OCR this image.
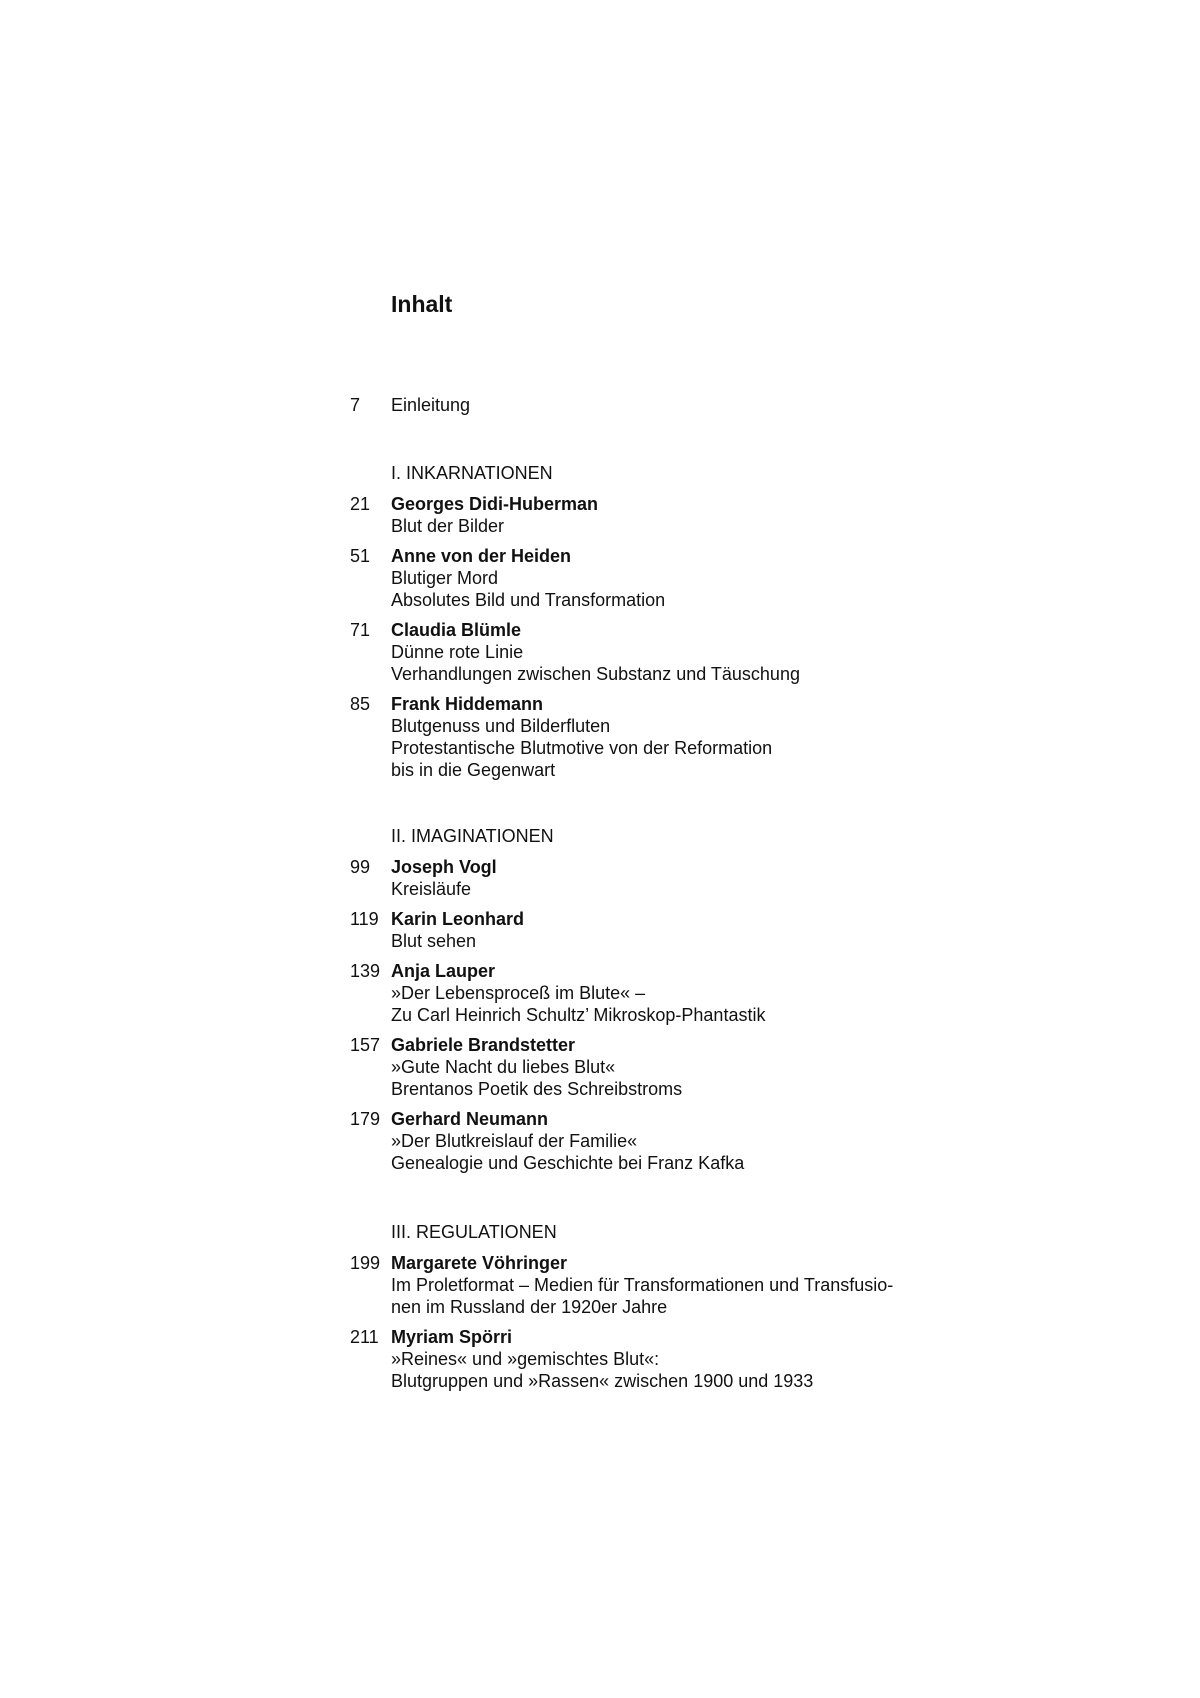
Inhalt
7	Einleitung
I. INKARNATIONEN
21	Georges Didi-Huberman
Blut der Bilder
51	Anne von der Heiden
Blutiger Mord
Absolutes Bild und Transformation
71	Claudia Blümle
Dünne rote Linie
Verhandlungen zwischen Substanz und Täuschung
85	Frank Hiddemann
Blutgenuss und Bilderfluten
Protestantische Blutmotive von der Reformation
bis in die Gegenwart
II. IMAGINATIONEN
99	Joseph Vogl
Kreisläufe
119 Karin Leonhard
Blut sehen
139 Anja Lauper
»Der Lebensproceß im Blute« –
Zu Carl Heinrich Schultz’ Mikroskop-Phantastik
157 Gabriele Brandstetter
»Gute Nacht du liebes Blut«
Brentanos Poetik des Schreibstroms
179 Gerhard Neumann
»Der Blutkreislauf der Familie«
Genealogie und Geschichte bei Franz Kafka
III. REGULATIONEN
199 Margarete Vöhringer
Im Proletformat – Medien für Transformationen und Transfusio-
nen im Russland der 1920er Jahre
211 Myriam Spörri
»Reines« und »gemischtes Blut«:
Blutgruppen und »Rassen« zwischen 1900 und 1933
